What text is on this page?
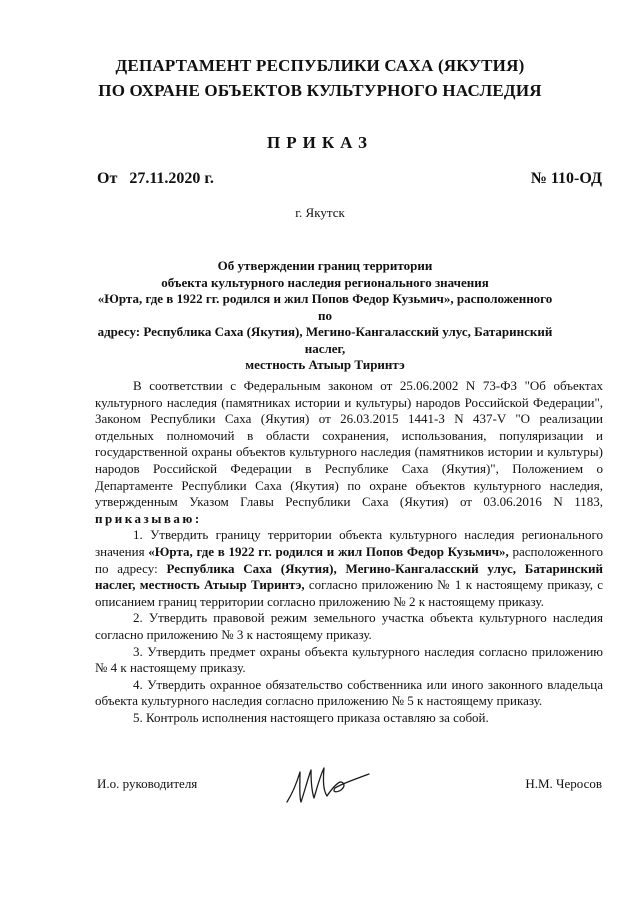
ДЕПАРТАМЕНТ РЕСПУБЛИКИ САХА (ЯКУТИЯ)
ПО ОХРАНЕ ОБЪЕКТОВ КУЛЬТУРНОГО НАСЛЕДИЯ
ПРИКАЗ
От 27.11.2020 г.	№ 110-ОД
г. Якутск
Об утверждении границ территории
объекта культурного наследия регионального значения
«Юрта, где в 1922 гг. родился и жил Попов Федор Кузьмич», расположенного по
адресу: Республика Саха (Якутия), Мегино-Кангаласский улус, Батаринский наслег,
местность Атыыр Тиринтэ

В соответствии с Федеральным законом от 25.06.2002 N 73-ФЗ "Об объектах культурного наследия (памятниках истории и культуры) народов Российской Федерации", Законом Республики Саха (Якутия) от 26.03.2015 1441-З N 437-V "О реализации отдельных полномочий в области сохранения, использования, популяризации и государственной охраны объектов культурного наследия (памятников истории и культуры) народов Российской Федерации в Республике Саха (Якутия)", Положением о Департаменте Республики Саха (Якутия) по охране объектов культурного наследия, утвержденным Указом Главы Республики Саха (Якутия) от 03.06.2016 N 1183, приказываю:

1. Утвердить границу территории объекта культурного наследия регионального значения «Юрта, где в 1922 гг. родился и жил Попов Федор Кузьмич», расположенного по адресу: Республика Саха (Якутия), Мегино-Кангаласский улус, Батаринский наслег, местность Атыыр Тиринтэ, согласно приложению № 1 к настоящему приказу, с описанием границ территории согласно приложению № 2 к настоящему приказу.

2. Утвердить правовой режим земельного участка объекта культурного наследия согласно приложению № 3 к настоящему приказу.

3. Утвердить предмет охраны объекта культурного наследия согласно приложению № 4 к настоящему приказу.

4. Утвердить охранное обязательство собственника или иного законного владельца объекта культурного наследия согласно приложению № 5 к настоящему приказу.

5. Контроль исполнения настоящего приказа оставляю за собой.

И.о. руководителя	Н.М. Черосов
